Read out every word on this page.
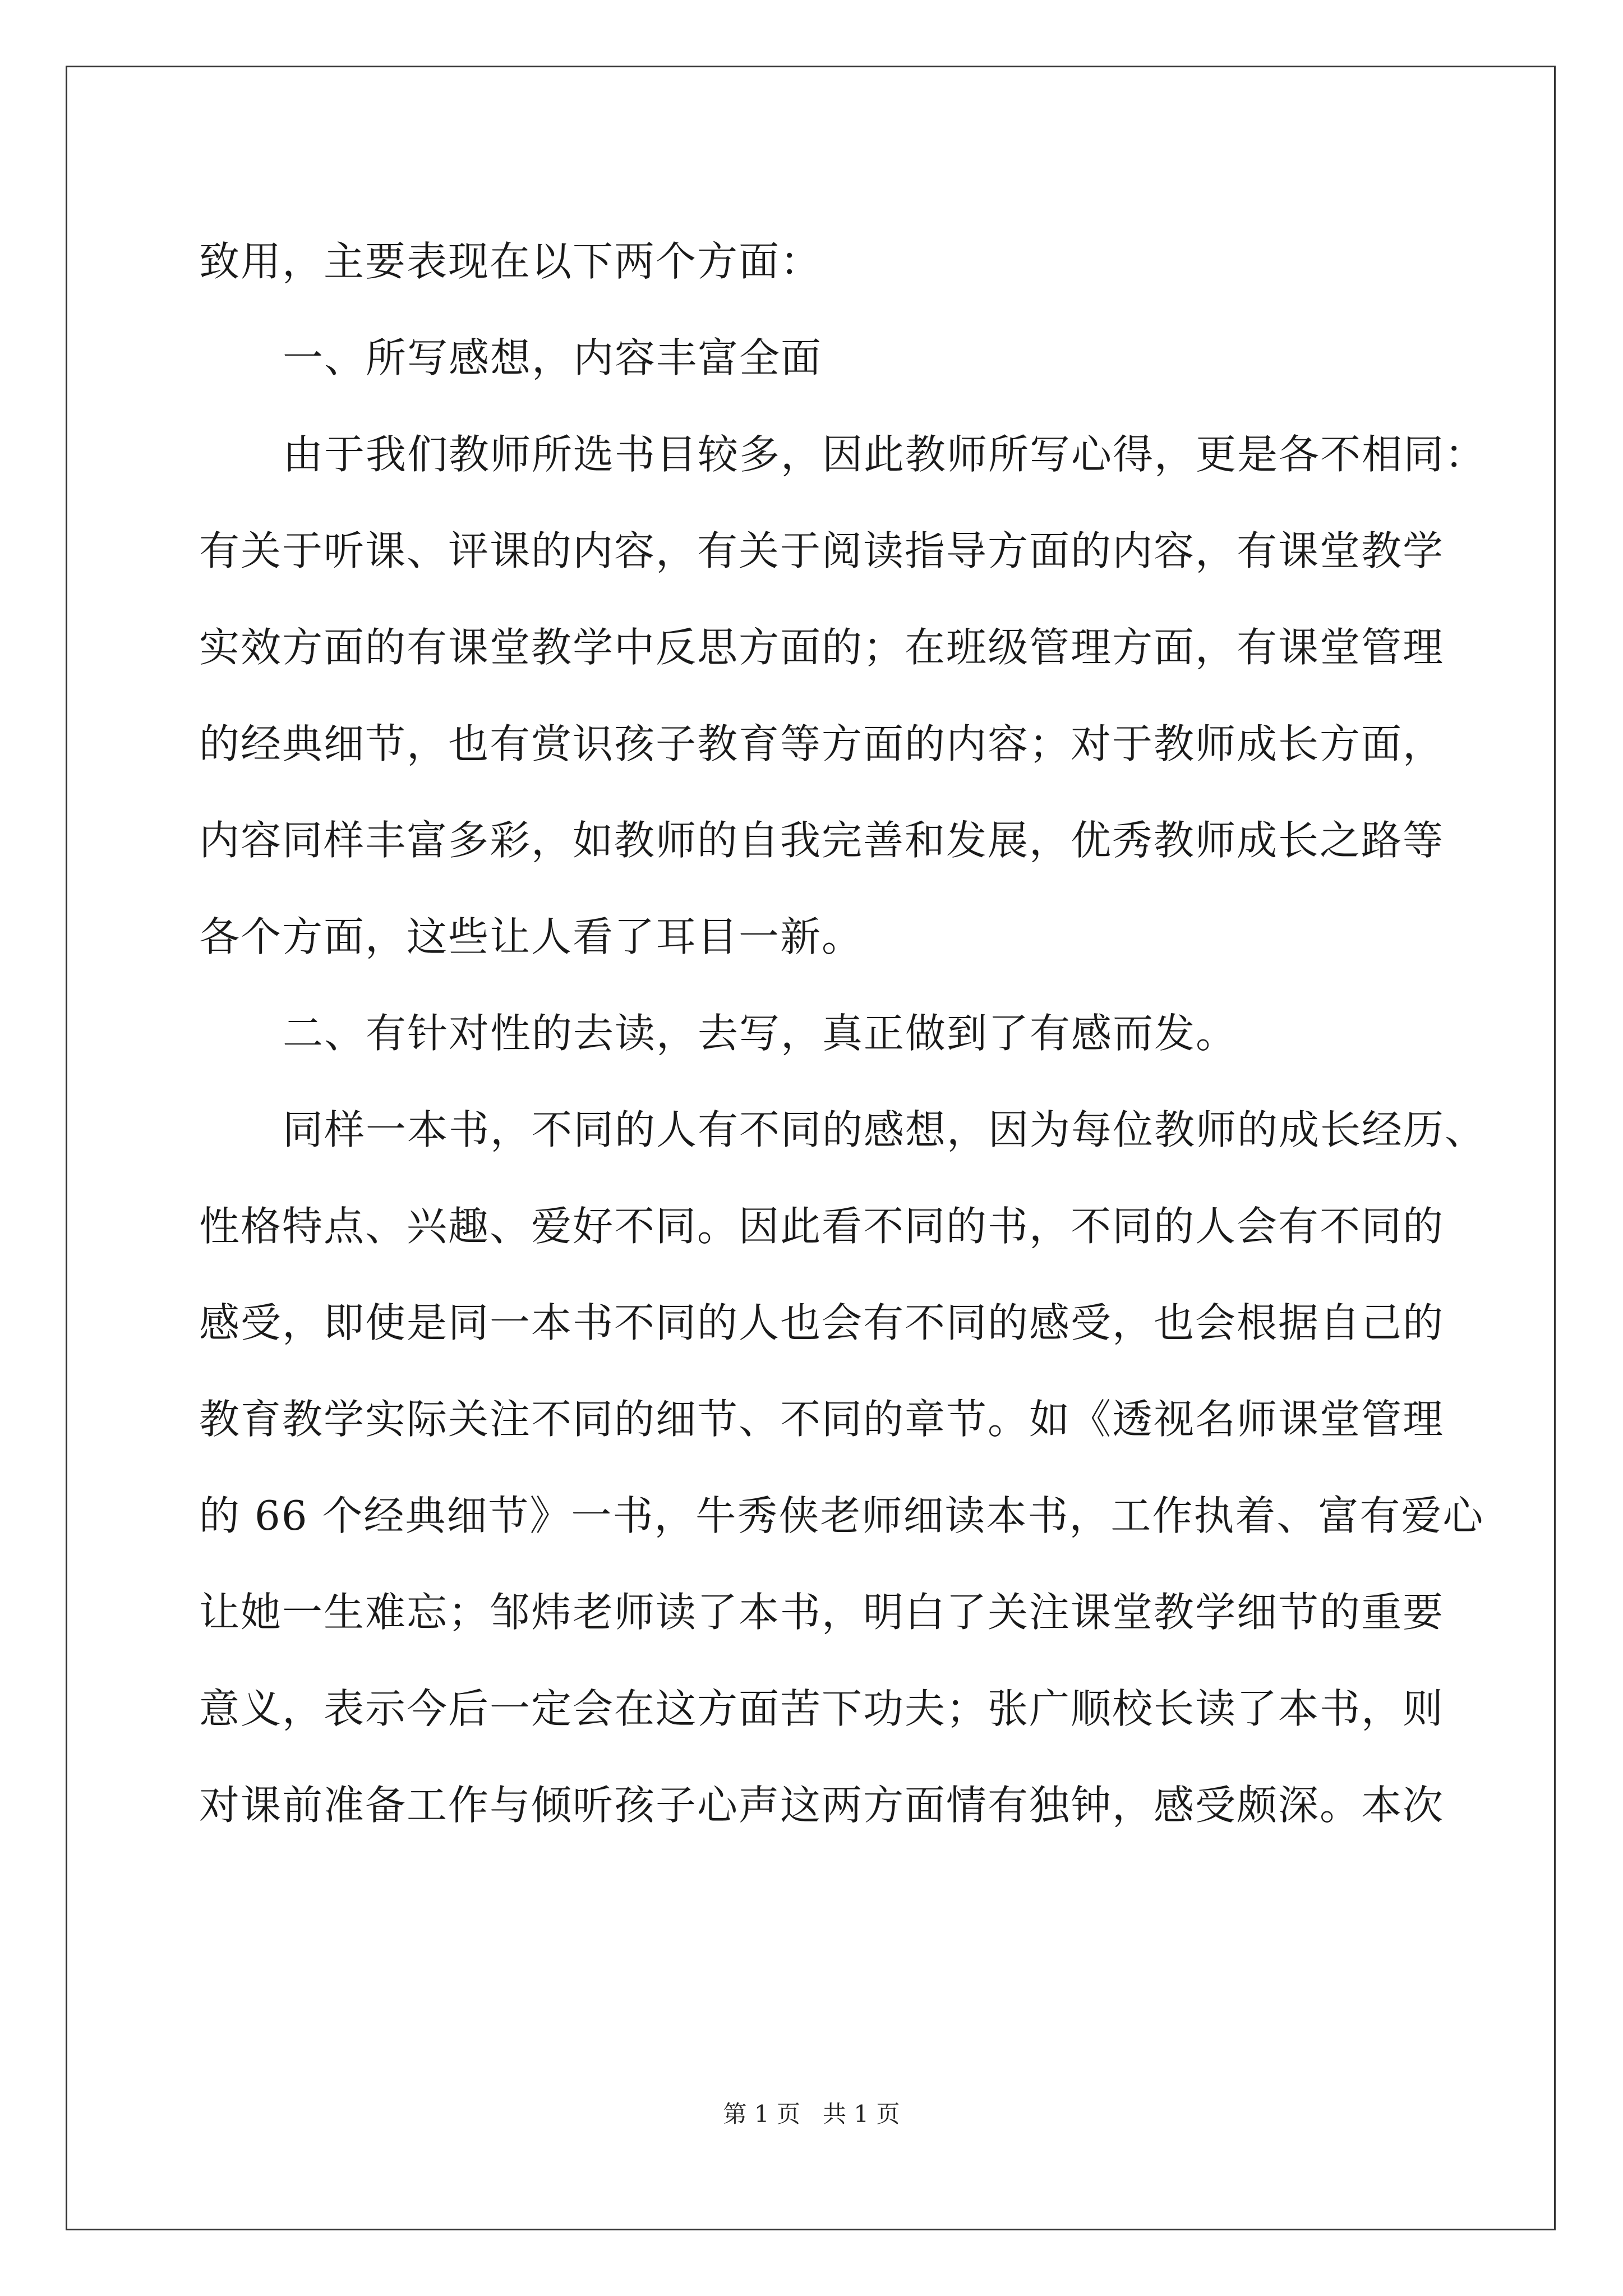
致用，主要表现在以下两个方面：
一、所写感想，内容丰富全面
由于我们教师所选书目较多，因此教师所写心得，更是各不相同：
有关于听课、评课的内容，有关于阅读指导方面的内容，有课堂教学
实效方面的有课堂教学中反思方面的；在班级管理方面，有课堂管理
的经典细节，也有赏识孩子教育等方面的内容；对于教师成长方面，
内容同样丰富多彩，如教师的自我完善和发展，优秀教师成长之路等
各个方面，这些让人看了耳目一新。
二、有针对性的去读，去写，真正做到了有感而发。
同样一本书，不同的人有不同的感想，因为每位教师的成长经历、
性格特点、兴趣、爱好不同。因此看不同的书，不同的人会有不同的
感受，即使是同一本书不同的人也会有不同的感受，也会根据自己的
教育教学实际关注不同的细节、不同的章节。如《透视名师课堂管理
的 66 个经典细节》一书，牛秀侠老师细读本书，工作执着、富有爱心
让她一生难忘；邹炜老师读了本书，明白了关注课堂教学细节的重要
意义，表示今后一定会在这方面苦下功夫；张广顺校长读了本书，则
对课前准备工作与倾听孩子心声这两方面情有独钟，感受颇深。本次
第 1 页   共 1 页
